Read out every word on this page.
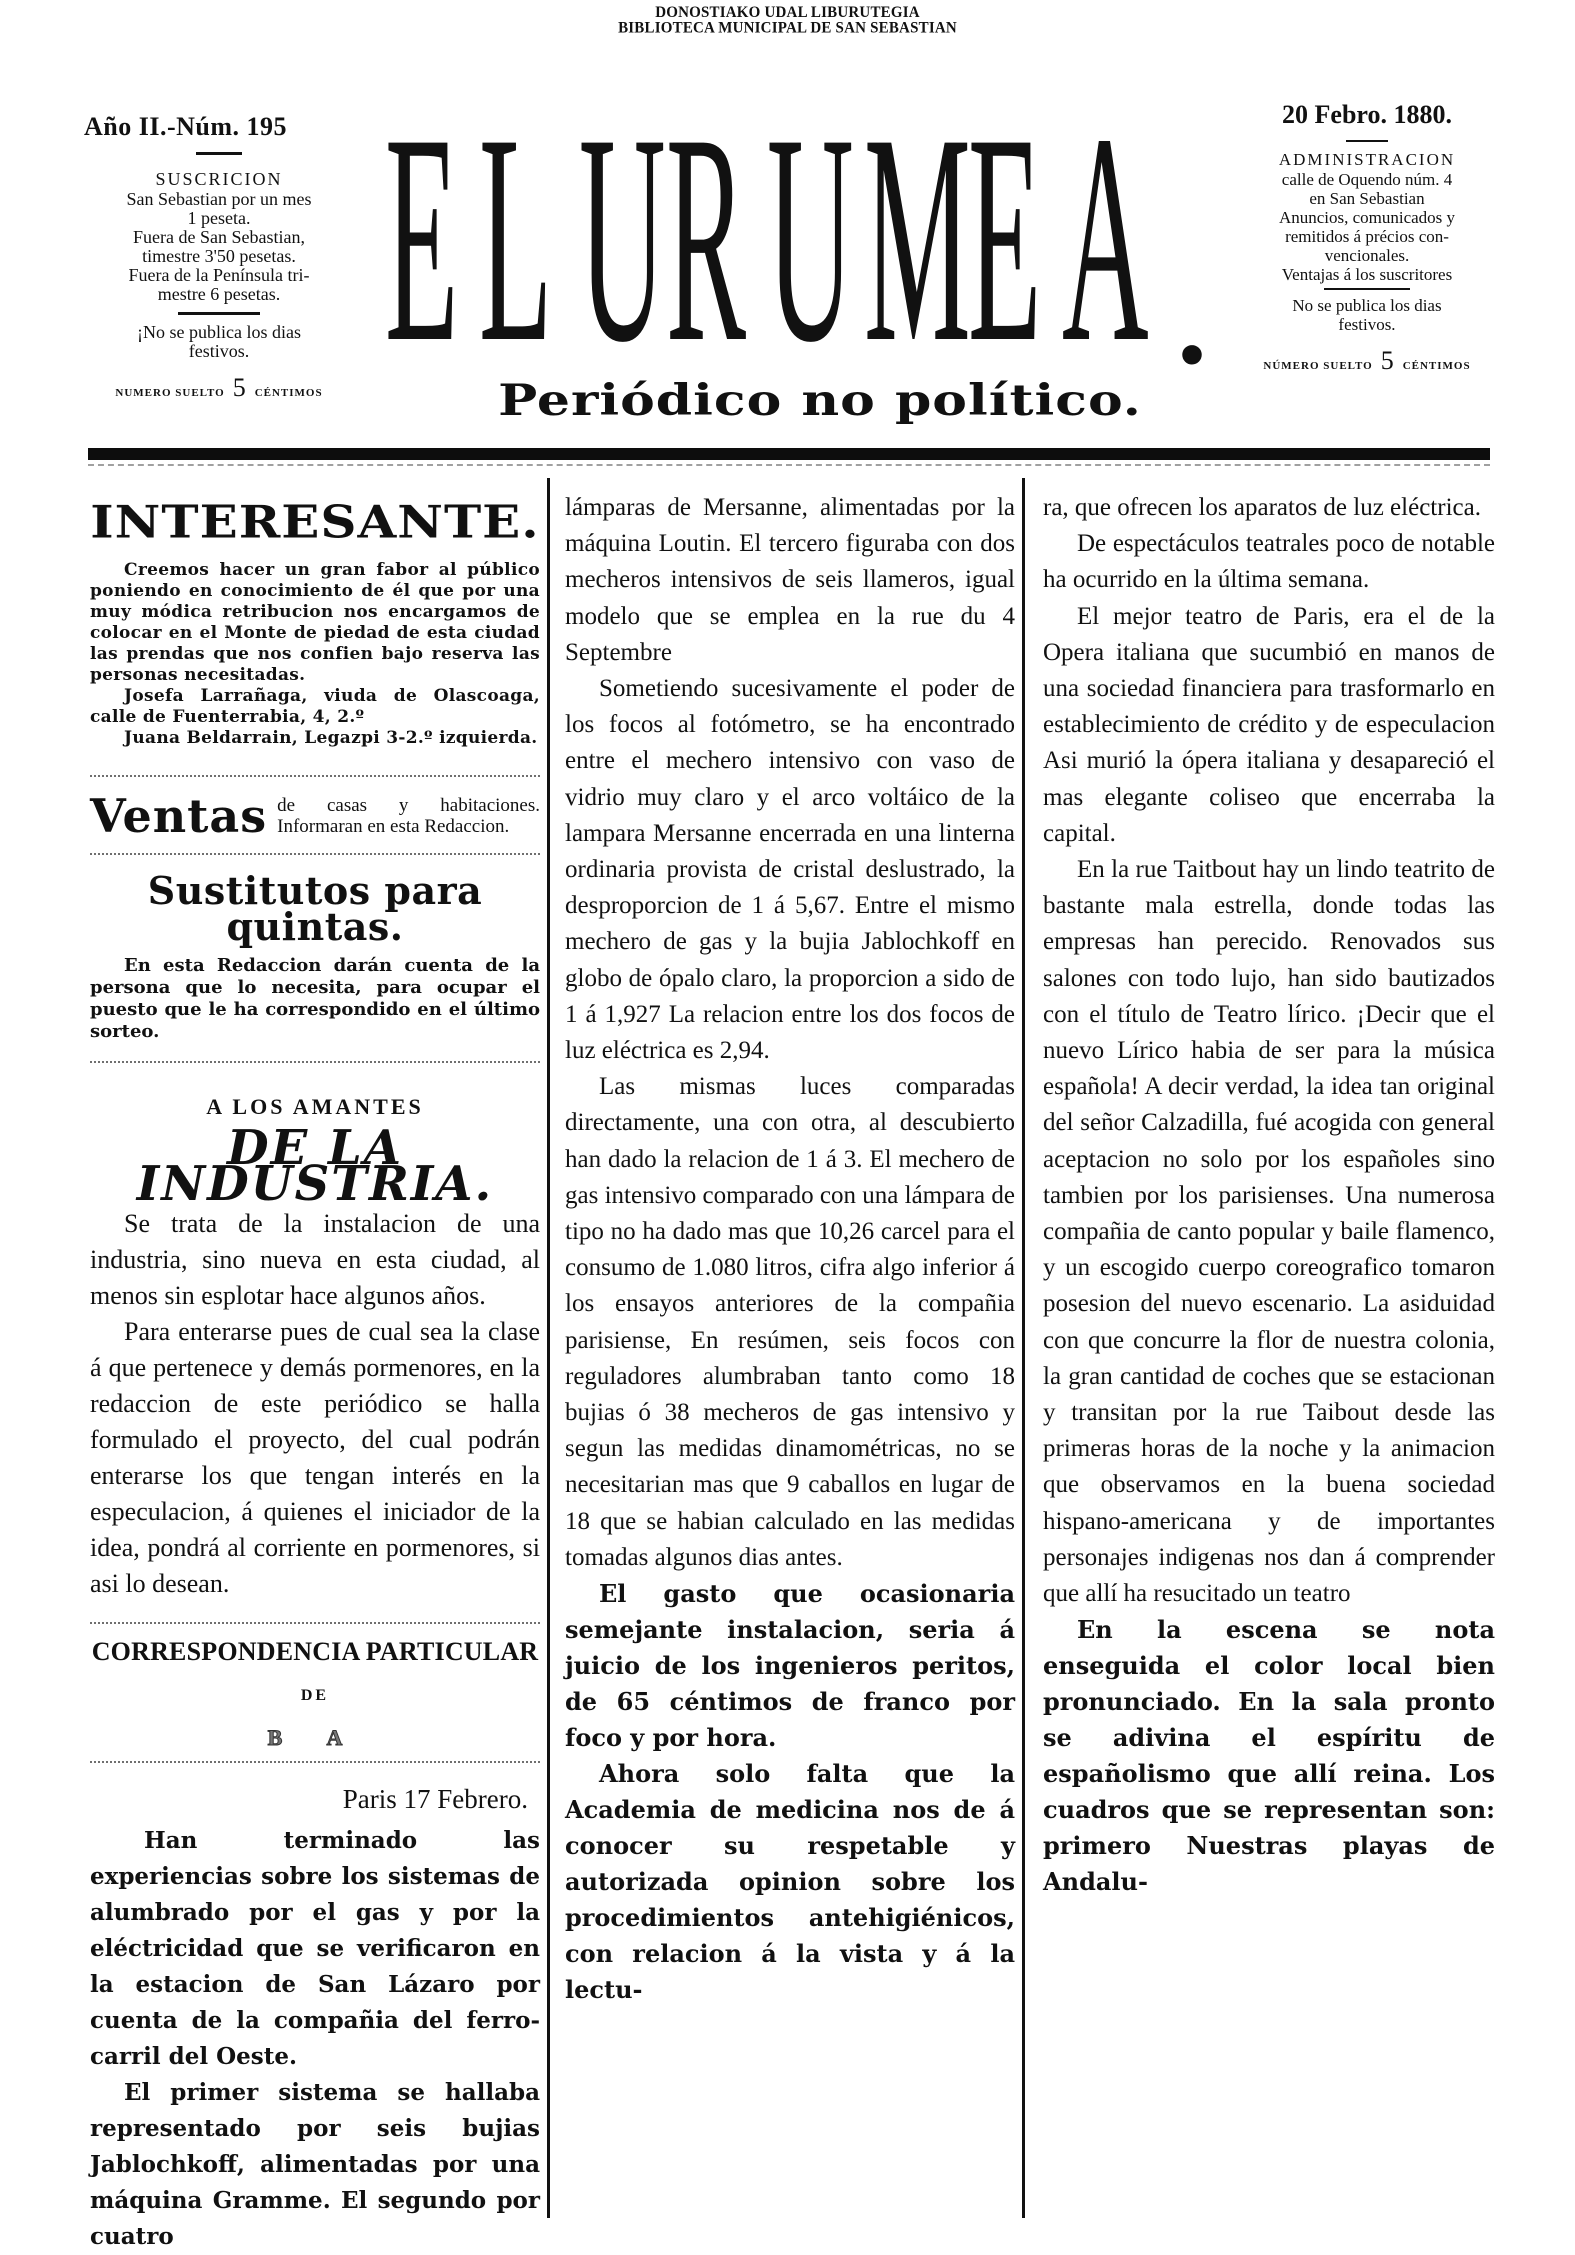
DONOSTIAKO UDAL LIBURUTEGIA
BIBLIOTECA MUNICIPAL DE SAN SEBASTIAN
Año II.-Núm. 195
SUSCRICION
San Sebastian por un mes
1 peseta.
Fuera de San Sebastian,
timestre 3'50 pesetas.
Fuera de la Península tri-
mestre 6 pesetas.
¡No se publica los dias
festivos.
NUMERO SUELTO 5 CÉNTIMOS E L U R U M
E A .
Periódico no político.
20 Febro. 1880.
ADMINISTRACION
calle de Oquendo núm. 4
en San Sebastian
Anuncios, comunicados y
remitidos á précios con-
vencionales.
Ventajas á los suscritores
No se publica los dias
festivos.
NÚMERO SUELTO 5 CÉNTIMOS
INTERESANTE.

Creemos hacer un gran fabor al público poniendo en conocimiento de él que por una muy módica retribucion nos encargamos de colocar en el Monte de piedad de esta ciudad las prendas que nos confien bajo reserva las personas necesitadas.

Josefa Larrañaga, viuda de Olascoaga, calle de Fuenterrabia, 4, 2.º

Juana Beldarrain, Legazpi 3-2.º izquierda.

Ventas de casas y habitaciones. Informaran en esta Redaccion.
Sustitutos para quintas.

En esta Redaccion darán cuenta de la persona que lo necesita, para ocupar el puesto que le ha correspondido en el último sorteo.

A LOS AMANTES
DE LA INDUSTRIA.

Se trata de la instalacion de una industria, sino nueva en esta ciudad, al menos sin esplotar hace algunos años.

Para enterarse pues de cual sea la clase á que pertenece y demás pormenores, en la redaccion de este periódico se halla formulado el proyecto, del cual podrán enterarse los que tengan interés en la especulacion, á quienes el iniciador de la idea, pondrá al corriente en pormenores, si asi lo desean.

CORRESPONDENCIA PARTICULAR
DE
B A
Paris 17 Febrero.

Han terminado las experiencias sobre los sistemas de alumbrado por el gas y por la eléctricidad que se verificaron en la estacion de San Lázaro por cuenta de la compañia del ferro-carril del Oeste.

El primer sistema se hallaba representado por seis bujias Jablochkoff, alimentadas por una máquina Gramme. El segundo por cuatro

lámparas de Mersanne, alimentadas por la máquina Loutin. El tercero figuraba con dos mecheros intensivos de seis llameros, igual modelo que se emplea en la rue du 4 Septembre

Sometiendo sucesivamente el poder de los focos al fotómetro, se ha encontrado entre el mechero intensivo con vaso de vidrio muy claro y el arco voltáico de la lampara Mersanne encerrada en una linterna ordinaria provista de cristal deslustrado, la desproporcion de 1 á 5,67. Entre el mismo mechero de gas y la bujia Jablochkoff en globo de ópalo claro, la proporcion a sido de 1 á 1,927 La relacion entre los dos focos de luz eléctrica es 2,94.

Las mismas luces comparadas directamente, una con otra, al descubierto han dado la relacion de 1 á 3. El mechero de gas intensivo comparado con una lámpara de tipo no ha dado mas que 10,26 carcel para el consumo de 1.080 litros, cifra algo inferior á los ensayos anteriores de la compañia parisiense, En resúmen, seis focos con reguladores alumbraban tanto como 18 bujias ó 38 mecheros de gas intensivo y segun las medidas dinamométricas, no se necesitarian mas que 9 caballos en lugar de 18 que se habian calculado en las medidas tomadas algunos dias antes.

El gasto que ocasionaria semejante instalacion, seria á juicio de los ingenieros peritos, de 65 céntimos de franco por foco y por hora.

Ahora solo falta que la Academia de medicina nos de á conocer su respetable y autorizada opinion sobre los procedimientos antehigiénicos, con relacion á la vista y á la lectu-

ra, que ofrecen los aparatos de luz eléctrica.

De espectáculos teatrales poco de notable ha ocurrido en la última semana.

El mejor teatro de Paris, era el de la Opera italiana que sucumbió en manos de una sociedad financiera para trasformarlo en establecimiento de crédito y de especulacion Asi murió la ópera italiana y desapareció el mas elegante coliseo que encerraba la capital.

En la rue Taitbout hay un lindo teatrito de bastante mala estrella, donde todas las empresas han perecido. Renovados sus salones con todo lujo, han sido bautizados con el título de Teatro lírico. ¡Decir que el nuevo Lírico habia de ser para la música española! A decir verdad, la idea tan original del señor Calzadilla, fué acogida con general aceptacion no solo por los españoles sino tambien por los parisienses. Una numerosa compañia de canto popular y baile flamenco, y un escogido cuerpo coreografico tomaron posesion del nuevo escenario. La asiduidad con que concurre la flor de nuestra colonia, la gran cantidad de coches que se estacionan y transitan por la rue Taibout desde las primeras horas de la noche y la animacion que observamos en la buena sociedad hispano-americana y de importantes personajes indigenas nos dan á comprender que allí ha resucitado un teatro

En la escena se nota enseguida el color local bien pronunciado. En la sala pronto se adivina el espíritu de españolismo que allí reina. Los cuadros que se representan son: primero Nuestras playas de Andalu-
